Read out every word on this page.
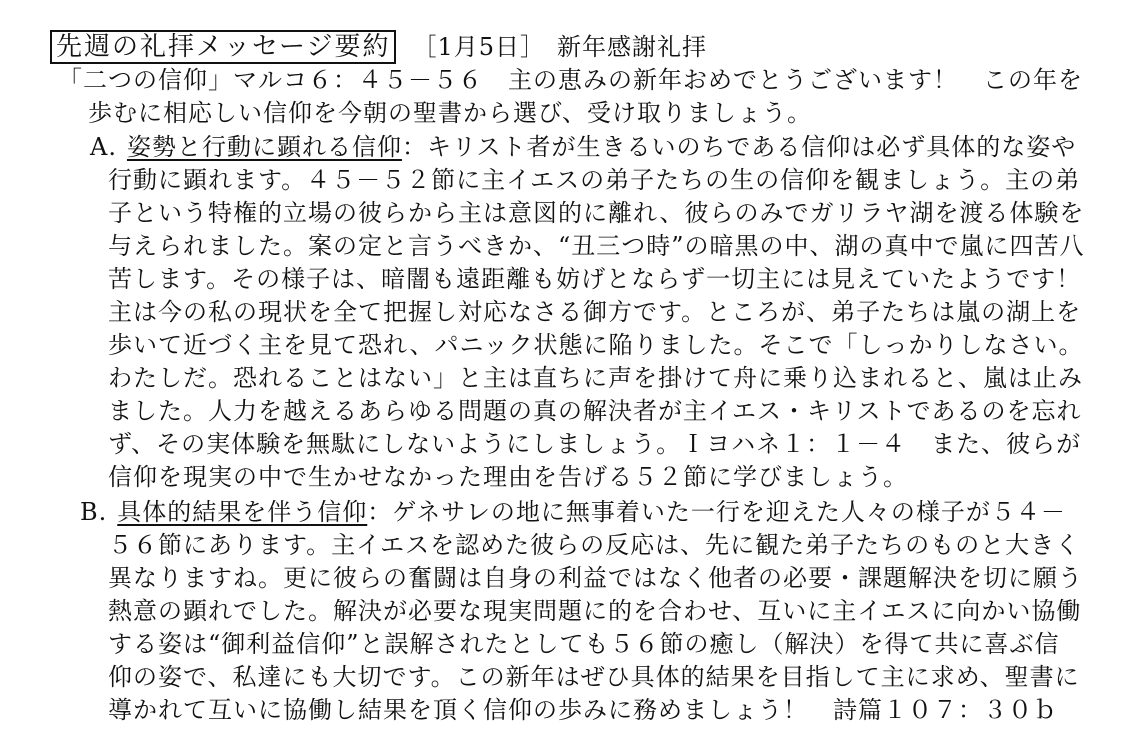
先週の礼拝メッセージ要約 ［1月5日］ 新年感謝礼拝
「二つの信仰」マルコ６：４５－５６　主の恵みの新年おめでとうございます！　この年を
歩むに相応しい信仰を今朝の聖書から選び、受け取りましょう。
A. 姿勢と行動に顕れる信仰：キリスト者が生きるいのちである信仰は必ず具体的な姿や
行動に顕れます。４５－５２節に主イエスの弟子たちの生の信仰を観ましょう。主の弟
子という特権的立場の彼らから主は意図的に離れ、彼らのみでガリラヤ湖を渡る体験を
与えられました。案の定と言うべきか、“丑三つ時”の暗黒の中、湖の真中で嵐に四苦八
苦します。その様子は、暗闇も遠距離も妨げとならず一切主には見えていたようです！
主は今の私の現状を全て把握し対応なさる御方です。ところが、弟子たちは嵐の湖上を
歩いて近づく主を見て恐れ、パニック状態に陥りました。そこで「しっかりしなさい。
わたしだ。恐れることはない」と主は直ちに声を掛けて舟に乗り込まれると、嵐は止み
ました。人力を越えるあらゆる問題の真の解決者が主イエス・キリストであるのを忘れ
ず、その実体験を無駄にしないようにしましょう。Ｉヨハネ１：１－４　また、彼らが
信仰を現実の中で生かせなかった理由を告げる５２節に学びましょう。
B. 具体的結果を伴う信仰：ゲネサレの地に無事着いた一行を迎えた人々の様子が５４－
５６節にあります。主イエスを認めた彼らの反応は、先に観た弟子たちのものと大きく
異なりますね。更に彼らの奮闘は自身の利益ではなく他者の必要・課題解決を切に願う
熱意の顕れでした。解決が必要な現実問題に的を合わせ、互いに主イエスに向かい協働
する姿は“御利益信仰”と誤解されたとしても５６節の癒し（解決）を得て共に喜ぶ信
仰の姿で、私達にも大切です。この新年はぜひ具体的結果を目指して主に求め、聖書に
導かれて互いに協働し結果を頂く信仰の歩みに務めましょう！　詩篇１０７：３０ｂ
